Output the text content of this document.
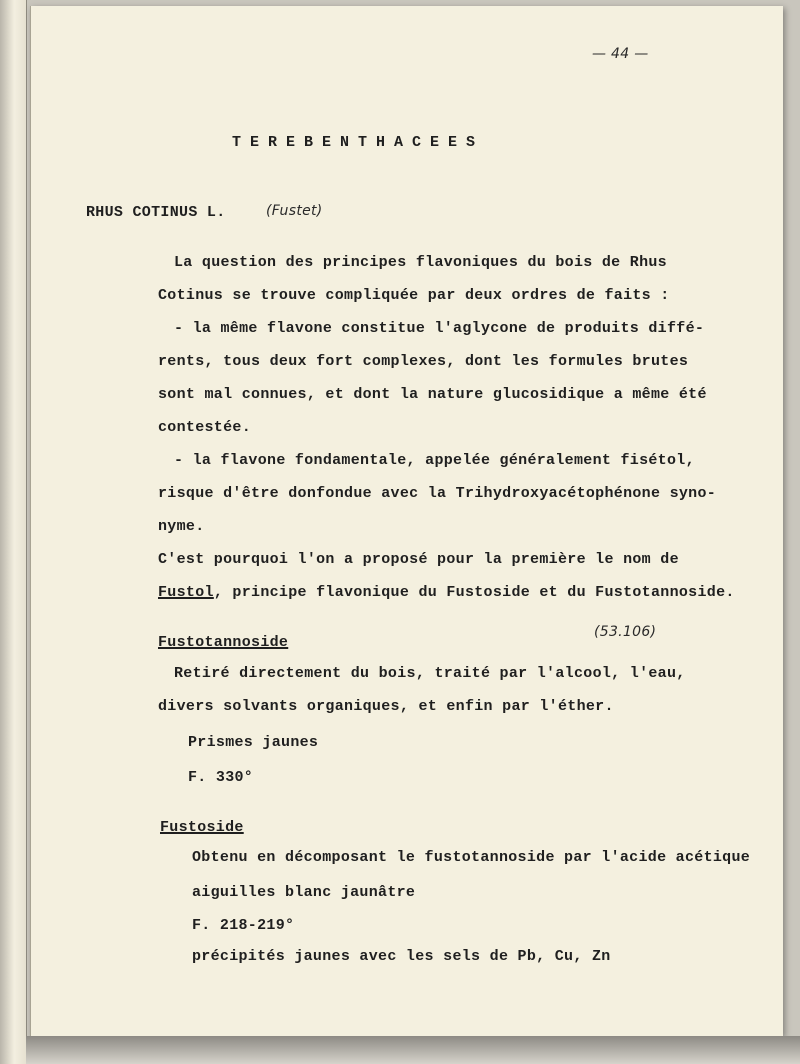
— 44 —
TEREBENTHACEES
RHUS COTINUS L.	(Fustet)
La question des principes flavoniques du bois de Rhus
Cotinus se trouve compliquée par deux ordres de faits :
- la même flavone constitue l'aglycone de produits diffé-
rents, tous deux fort complexes, dont les formules brutes
sont mal connues, et dont la nature glucosidique a même été
contestée.
- la flavone fondamentale, appelée généralement fisétol,
risque d'être donfondue avec la Trihydroxyacétophénone syno-
nyme.
C'est pourquoi l'on a proposé pour la première le nom de
Fustol, principe flavonique du Fustoside et du Fustotannoside.
Fustotannoside
(53.106)
Retiré directement du bois, traité par l'alcool, l'eau,
divers solvants organiques, et enfin par l'éther.
Prismes jaunes
F. 330°
Fustoside
Obtenu en décomposant le fustotannoside par l'acide acétique
aiguilles blanc jaunâtre
F. 218-219°
précipités jaunes avec les sels de Pb, Cu, Zn
